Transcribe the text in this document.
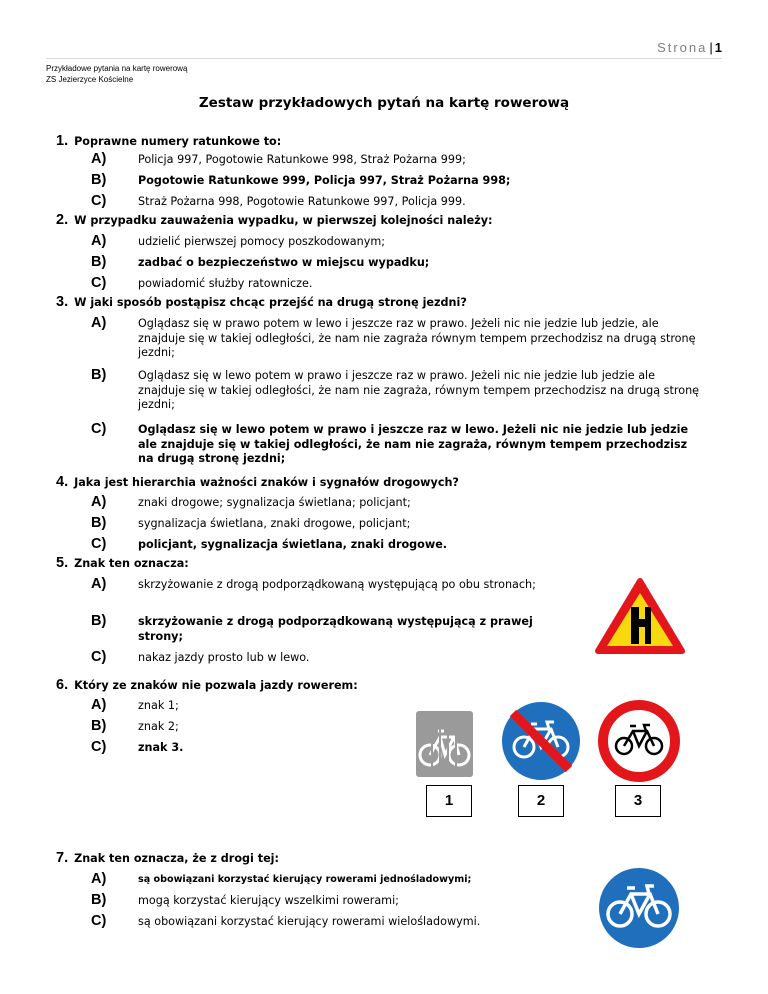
Strona | 1
Przykładowe pytania na kartę rowerową
ZS Jezierzyce Kościelne
Zestaw przykładowych pytań na kartę rowerową
1. Poprawne numery ratunkowe to:
A)	Policja 997, Pogotowie Ratunkowe 998, Straż Pożarna 999;
B)	Pogotowie Ratunkowe 999, Policja 997, Straż Pożarna 998;
C)	Straż Pożarna 998, Pogotowie Ratunkowe 997, Policja 999.
2. W przypadku zauważenia wypadku, w pierwszej kolejności należy:
A)	udzielić pierwszej pomocy poszkodowanym;
B)	zadbać o bezpieczeństwo w miejscu wypadku;
C)	powiadomić służby ratownicze.
3. W jaki sposób postąpisz chcąc przejść na drugą stronę jezdni?
A)	Oglądasz się w prawo potem w lewo i jeszcze raz w prawo. Jeżeli nic nie jedzie lub jedzie, ale znajduje się w takiej odległości, że nam nie zagraża równym tempem przechodzisz na drugą stronę jezdni;
B)	Oglądasz się w lewo potem w prawo i jeszcze raz w prawo. Jeżeli nic nie jedzie lub jedzie ale znajduje się w takiej odległości, że nam nie zagraża, równym tempem przechodzisz na drugą stronę jezdni;
C)	Oglądasz się w lewo potem w prawo i jeszcze raz w lewo. Jeżeli nic nie jedzie lub jedzie ale znajduje się w takiej odległości, że nam nie zagraża, równym tempem przechodzisz na drugą stronę jezdni;
4. Jaka jest hierarchia ważności znaków i sygnałów drogowych?
A)	znaki drogowe; sygnalizacja świetlana; policjant;
B)	sygnalizacja świetlana, znaki drogowe, policjant;
C)	policjant, sygnalizacja świetlana, znaki drogowe.
5. Znak ten oznacza:
A)	skrzyżowanie z drogą podporządkowaną występującą po obu stronach;
B)	skrzyżowanie z drogą podporządkowaną występującą z prawej strony;
C)	nakaz jazdy prosto lub w lewo.
6. Który ze znaków nie pozwala jazdy rowerem:
A)	znak 1;
B)	znak 2;
C)	znak 3.
1	2	3
7. Znak ten oznacza, że z drogi tej:
A)	są obowiązani korzystać kierujący rowerami jednośladowymi;
B)	mogą korzystać kierujący wszelkimi rowerami;
C)	są obowiązani korzystać kierujący rowerami wielośladowymi.
